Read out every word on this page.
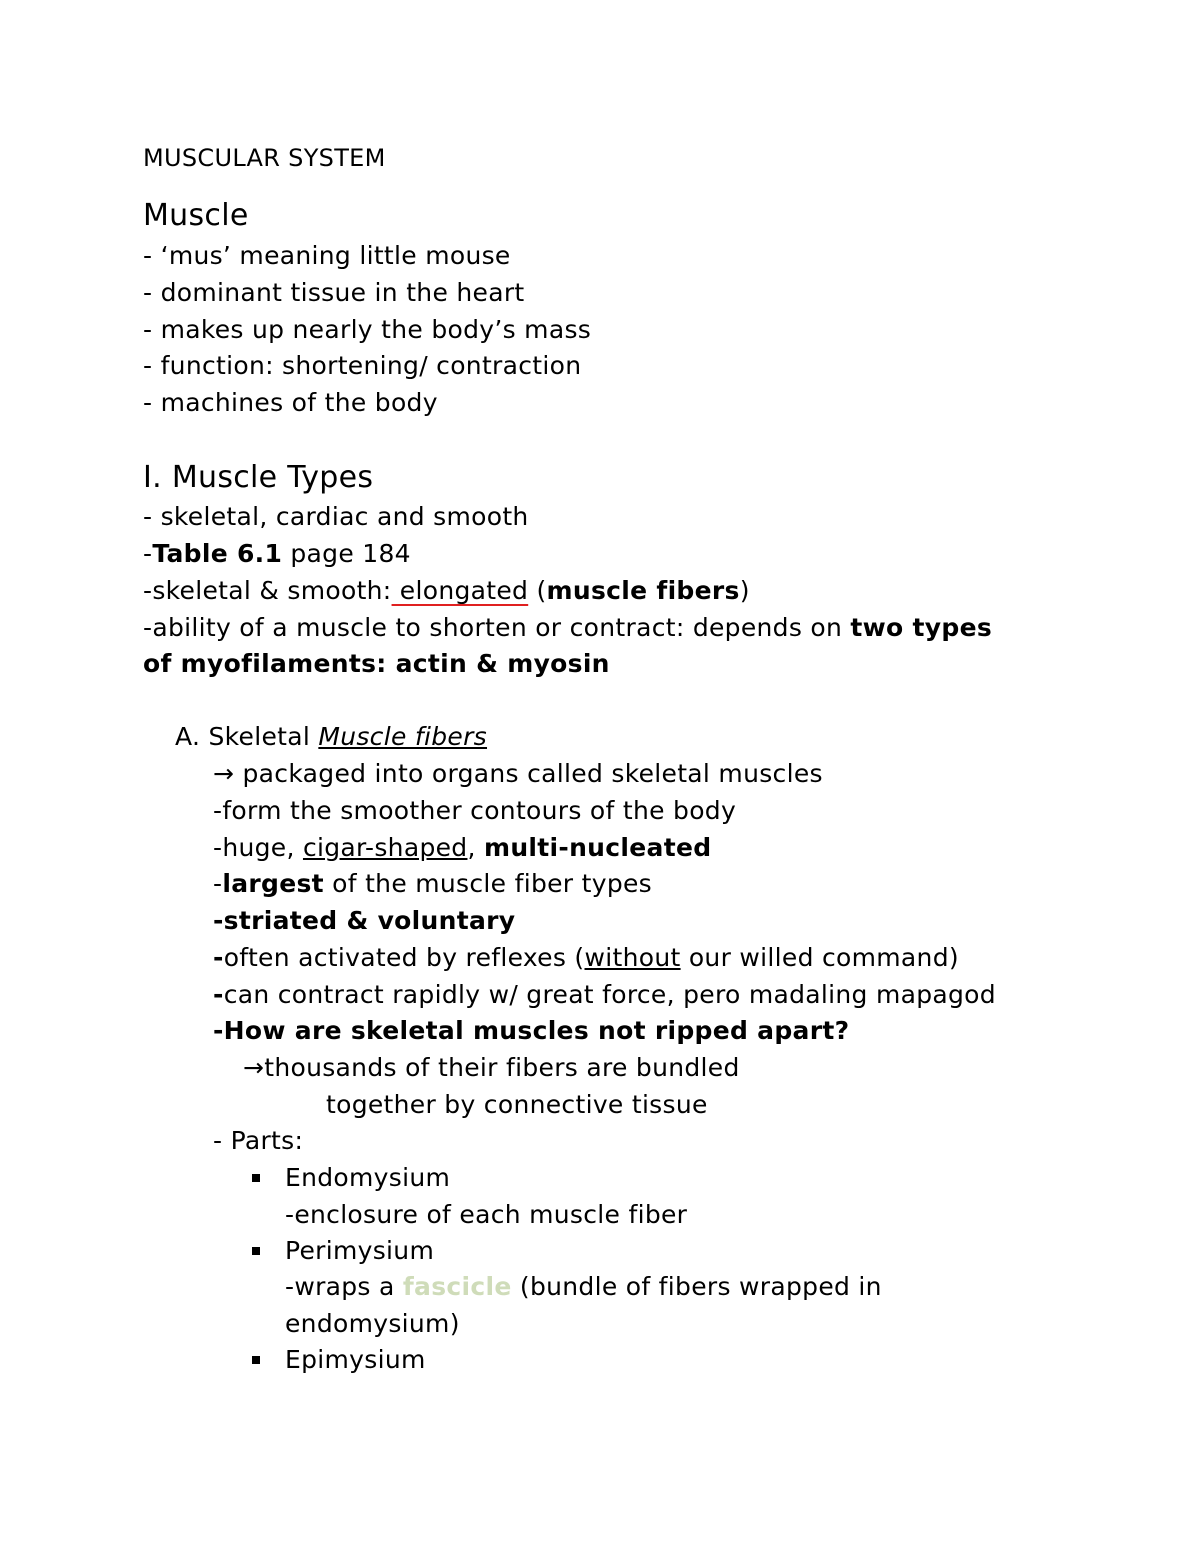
MUSCULAR SYSTEM
Muscle
- ‘mus’ meaning little mouse
- dominant tissue in the heart
- makes up nearly the body’s mass
- function: shortening/ contraction
- machines of the body
I. Muscle Types
- skeletal, cardiac and smooth
-Table 6.1 page 184
-skeletal & smooth: elongated (muscle fibers)
-ability of a muscle to shorten or contract: depends on two types
of myofilaments: actin & myosin
A. Skeletal Muscle fibers
→ packaged into organs called skeletal muscles
-form the smoother contours of the body
-huge, cigar-shaped, multi-nucleated
-largest of the muscle fiber types
-striated & voluntary
-often activated by reflexes (without our willed command)
-can contract rapidly w/ great force, pero madaling mapagod
-How are skeletal muscles not ripped apart?
→thousands of their fibers are bundled
together by connective tissue
- Parts:
Endomysium
-enclosure of each muscle fiber
Perimysium
-wraps a fascicle (bundle of fibers wrapped in
endomysium)
Epimysium
